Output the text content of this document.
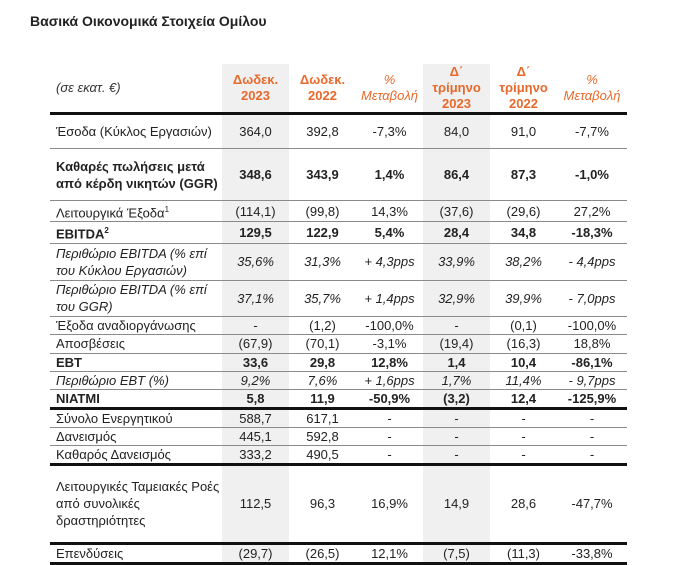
Βασικά Οικονομικά Στοιχεία Ομίλου
(σε εκατ. €)	Δωδεκ. 2023	Δωδεκ. 2022	% Μεταβολή	Δ΄ τρίμηνο 2023	Δ΄ τρίμηνο 2022	% Μεταβολή
Έσοδα (Κύκλος Εργασιών)	364,0	392,8	-7,3%	84,0	91,0	-7,7%
Καθαρές πωλήσεις μετά από κέρδη νικητών (GGR)	348,6	343,9	1,4%	86,4	87,3	-1,0%
Λειτουργικά Έξοδα$^1$	(114,1)	(99,8)	14,3%	(37,6)	(29,6)	27,2%
EBITDA$^2$	129,5	122,9	5,4%	28,4	34,8	-18,3%
Περιθώριο EBITDA (% επί του Κύκλου Εργασιών)	35,6%	31,3%	+ 4,3pps	33,9%	38,2%	- 4,4pps
Περιθώριο EBITDA (% επί του GGR)	37,1%	35,7%	+ 1,4pps	32,9%	39,9%	- 7,0pps
Έξοδα αναδιοργάνωσης	-	(1,2)	-100,0%	-	(0,1)	-100,0%
Αποσβέσεις	(67,9)	(70,1)	-3,1%	(19,4)	(16,3)	18,8%
EBT	33,6	29,8	12,8%	1,4	10,4	-86,1%
Περιθώριο EBT (%)	9,2%	7,6%	+ 1,6pps	1,7%	11,4%	- 9,7pps
NIATMI	5,8	11,9	-50,9%	(3,2)	12,4	-125,9%
Σύνολο Ενεργητικού	588,7	617,1	-	-	-	-
Δανεισμός	445,1	592,8	-	-	-	-
Καθαρός Δανεισμός	333,2	490,5	-	-	-	-
Λειτουργικές Ταμειακές Ροές από συνολικές δραστηριότητες	112,5	96,3	16,9%	14,9	28,6	-47,7%
Επενδύσεις	(29,7)	(26,5)	12,1%	(7,5)	(11,3)	-33,8%
